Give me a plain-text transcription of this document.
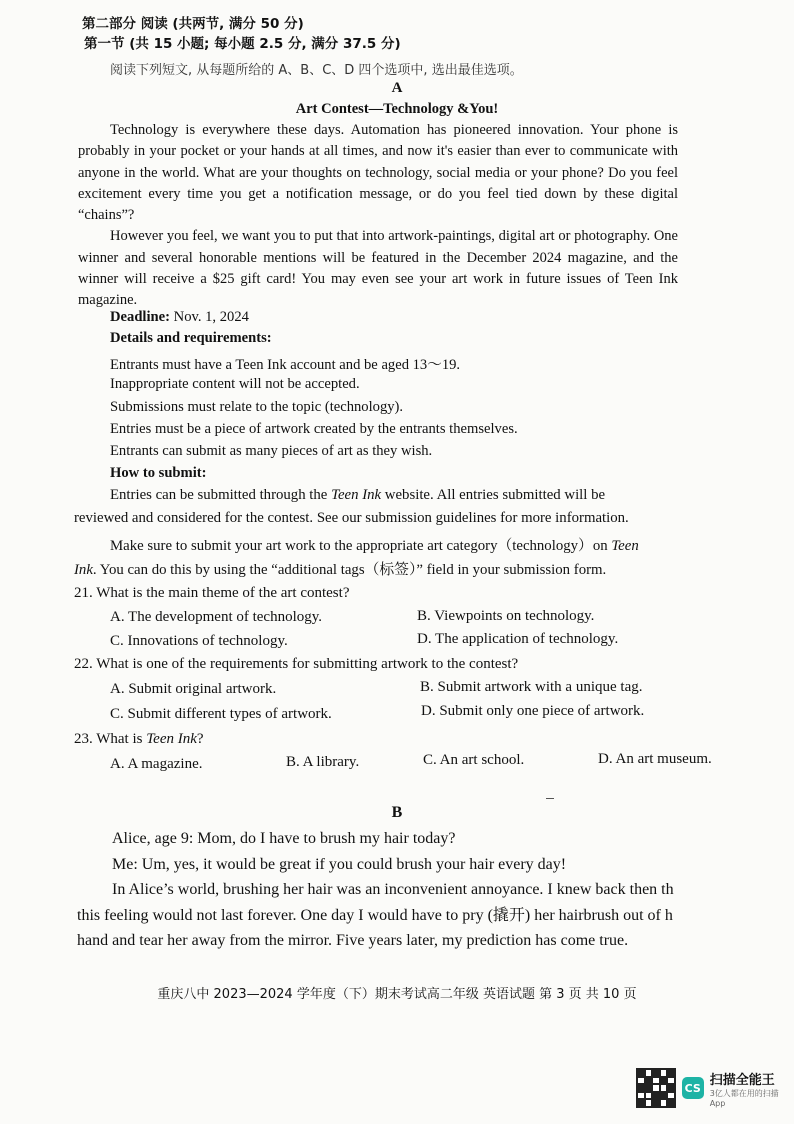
第二部分 阅读 (共两节, 满分 50 分)
第一节 (共 15 小题; 每小题 2.5 分, 满分 37.5 分)
阅读下列短文, 从每题所给的 A、B、C、D 四个选项中, 选出最佳选项。
A
Art Contest—Technology &You!

Technology is everywhere these days. Automation has pioneered innovation. Your phone is probably in your pocket or your hands at all times, and now it's easier than ever to communicate with anyone in the world. What are your thoughts on technology, social media or your phone? Do you feel excitement every time you get a notification message, or do you feel tied down by these digital “chains”?

However you feel, we want you to put that into artwork-paintings, digital art or photography. One winner and several honorable mentions will be featured in the December 2024 magazine, and the winner will receive a $25 gift card! You may even see your art work in future issues of Teen Ink magazine.

Deadline: Nov. 1, 2024
Details and requirements:
Entrants must have a Teen Ink account and be aged 13～19.
Inappropriate content will not be accepted.
Submissions must relate to the topic (technology).
Entries must be a piece of artwork created by the entrants themselves.
Entrants can submit as many pieces of art as they wish.
How to submit:
Entries can be submitted through the Teen Ink website. All entries submitted will be
reviewed and considered for the contest. See our submission guidelines for more information.
Make sure to submit your art work to the appropriate art category（technology）on Teen
Ink. You can do this by using the “additional tags（标签）” field in your submission form.
21. What is the main theme of the art contest?
A. The development of technology.	B. Viewpoints on technology.
C. Innovations of technology.	D. The application of technology.
22. What is one of the requirements for submitting artwork to the contest?
A. Submit original artwork.	B. Submit artwork with a unique tag.
C. Submit different types of artwork.	D. Submit only one piece of artwork.
23. What is Teen Ink?
A. A magazine.	B. A library.	C. An art school.	D. An art museum.
B

Alice, age 9: Mom, do I have to brush my hair today?

Me: Um, yes, it would be great if you could brush your hair every day!

In Alice’s world, brushing her hair was an inconvenient annoyance. I knew back then th

this feeling would not last forever. One day I would have to pry (撬开) her hairbrush out of h

hand and tear her away from the mirror. Five years later, my prediction has come true.

重庆八中 2023—2024 学年度（下）期末考试高二年级 英语试题 第 3 页 共 10 页
CS
扫描全能王
3亿人都在用的扫描App
